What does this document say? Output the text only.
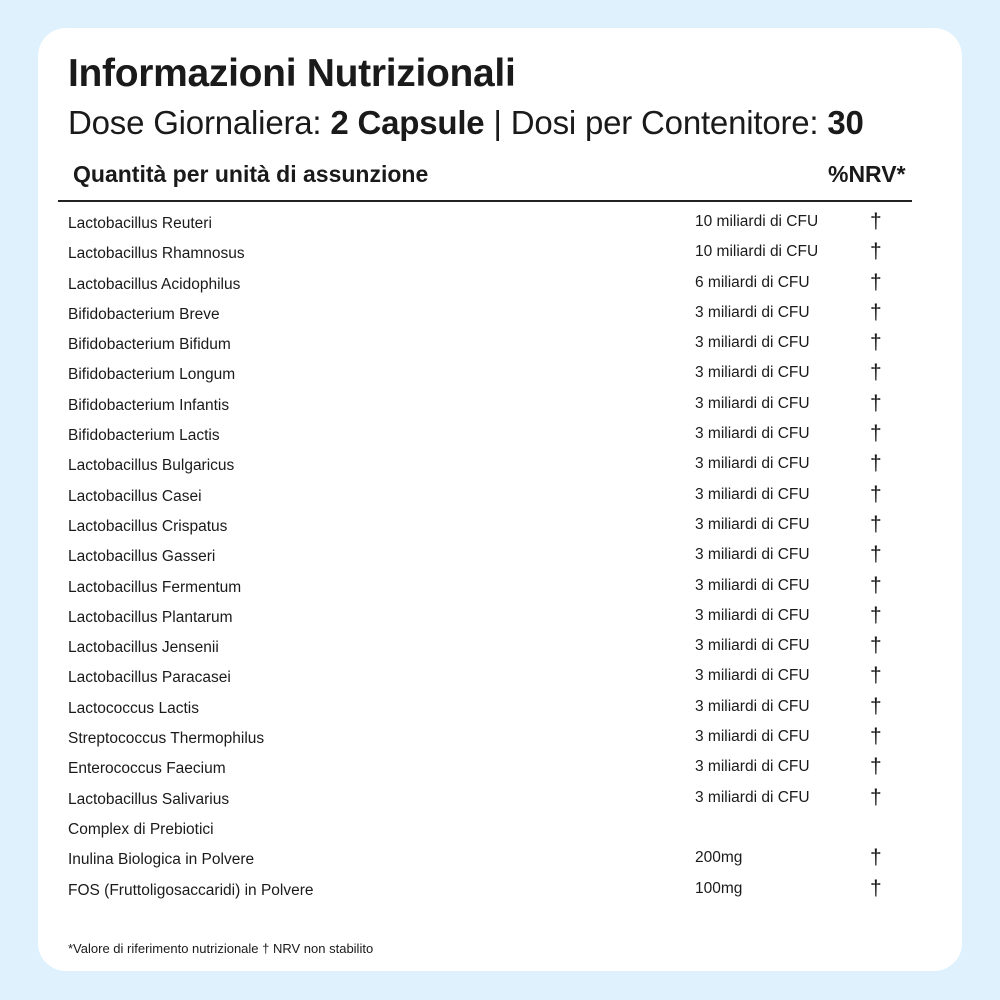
Informazioni Nutrizionali
Dose Giornaliera: 2 Capsule | Dosi per Contenitore: 30
Quantità per unità di assunzione	%NRV*
Lactobacillus Reuteri	10 miliardi di CFU †
Lactobacillus Rhamnosus	10 miliardi di CFU †
Lactobacillus Acidophilus	6 miliardi di CFU	†
Bifidobacterium Breve	3 miliardi di CFU	†
Bifidobacterium Bifidum	3 miliardi di CFU	†
Bifidobacterium Longum	3 miliardi di CFU	†
Bifidobacterium Infantis	3 miliardi di CFU	†
Bifidobacterium Lactis	3 miliardi di CFU	†
Lactobacillus Bulgaricus	3 miliardi di CFU	†
Lactobacillus Casei	3 miliardi di CFU	†
Lactobacillus Crispatus	3 miliardi di CFU	†
Lactobacillus Gasseri	3 miliardi di CFU	†
Lactobacillus Fermentum	3 miliardi di CFU	†
Lactobacillus Plantarum	3 miliardi di CFU	†
Lactobacillus Jensenii	3 miliardi di CFU	†
Lactobacillus Paracasei	3 miliardi di CFU	†
Lactococcus Lactis	3 miliardi di CFU	†
Streptococcus Thermophilus	3 miliardi di CFU	†
Enterococcus Faecium	3 miliardi di CFU	†
Lactobacillus Salivarius	3 miliardi di CFU	†
Complex di Prebiotici
Inulina Biologica in Polvere	200mg	†
FOS (Fruttoligosaccaridi) in Polvere	100mg	†
*Valore di riferimento nutrizionale † NRV non stabilito
